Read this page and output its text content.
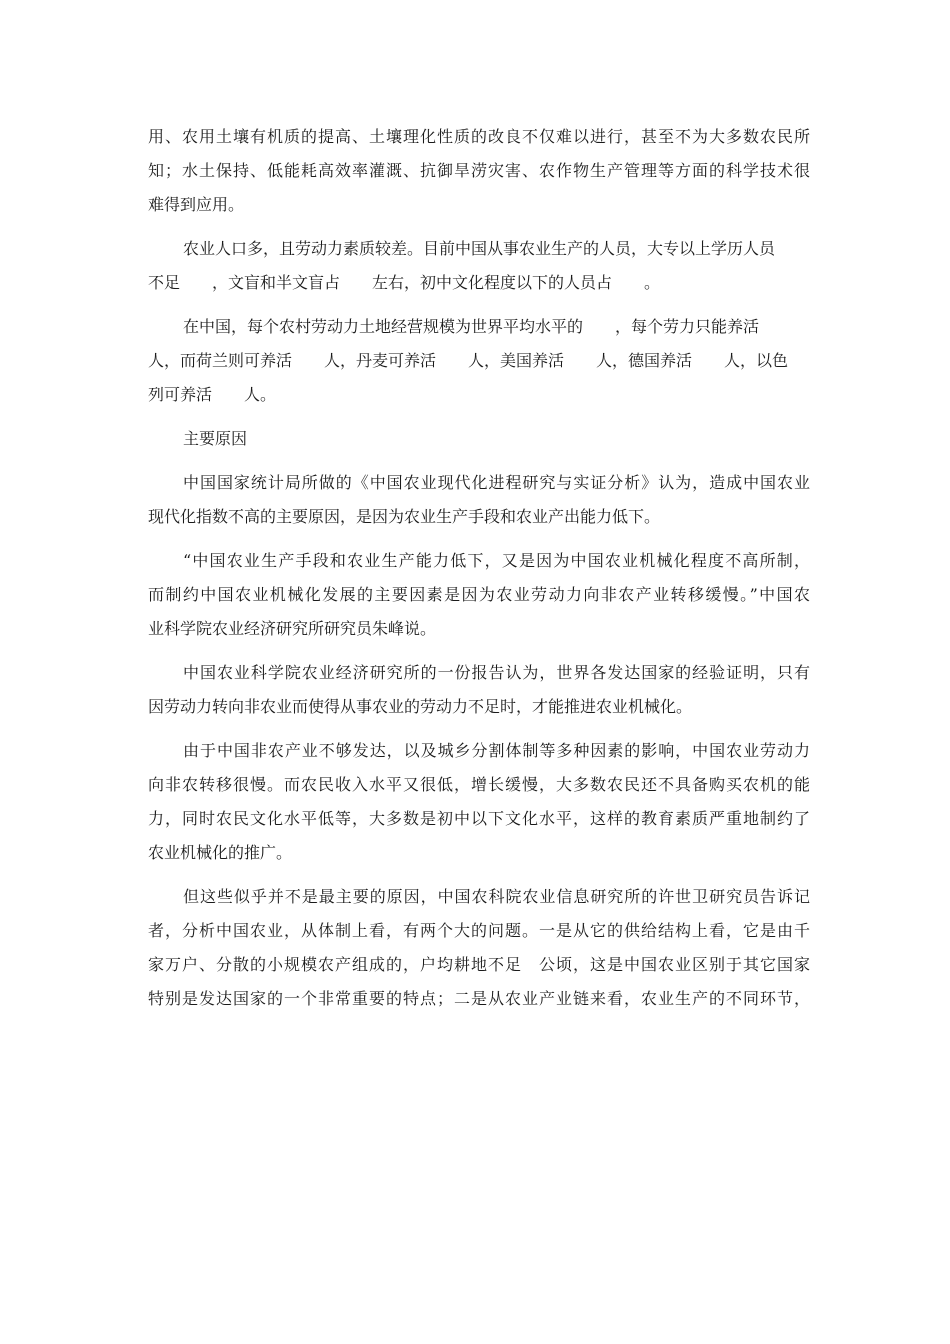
用、农用土壤有机质的提高、土壤理化性质的改良不仅难以进行，甚至不为大多数农民所
知；水土保持、低能耗高效率灌溉、抗御旱涝灾害、农作物生产管理等方面的科学技术很
难得到应用。
农业人口多，且劳动力素质较差。目前中国从事农业生产的人员，大专以上学历人员
不足　　，文盲和半文盲占　　左右，初中文化程度以下的人员占　　。
在中国，每个农村劳动力土地经营规模为世界平均水平的　　，每个劳力只能养活
人，而荷兰则可养活　　人，丹麦可养活　　人，美国养活　　人，德国养活　　人，以色
列可养活　　人。
主要原因
中国国家统计局所做的《中国农业现代化进程研究与实证分析》认为，造成中国农业
现代化指数不高的主要原因，是因为农业生产手段和农业产出能力低下。
“中国农业生产手段和农业生产能力低下，又是因为中国农业机械化程度不高所制，
而制约中国农业机械化发展的主要因素是因为农业劳动力向非农产业转移缓慢。”中国农
业科学院农业经济研究所研究员朱峰说。
中国农业科学院农业经济研究所的一份报告认为，世界各发达国家的经验证明，只有
因劳动力转向非农业而使得从事农业的劳动力不足时，才能推进农业机械化。
由于中国非农产业不够发达，以及城乡分割体制等多种因素的影响，中国农业劳动力
向非农转移很慢。而农民收入水平又很低，增长缓慢，大多数农民还不具备购买农机的能
力，同时农民文化水平低等，大多数是初中以下文化水平，这样的教育素质严重地制约了
农业机械化的推广。
但这些似乎并不是最主要的原因，中国农科院农业信息研究所的许世卫研究员告诉记
者，分析中国农业，从体制上看，有两个大的问题。一是从它的供给结构上看，它是由千
家万户、分散的小规模农产组成的，户均耕地不足　公顷，这是中国农业区别于其它国家
特别是发达国家的一个非常重要的特点；二是从农业产业链来看，农业生产的不同环节，
